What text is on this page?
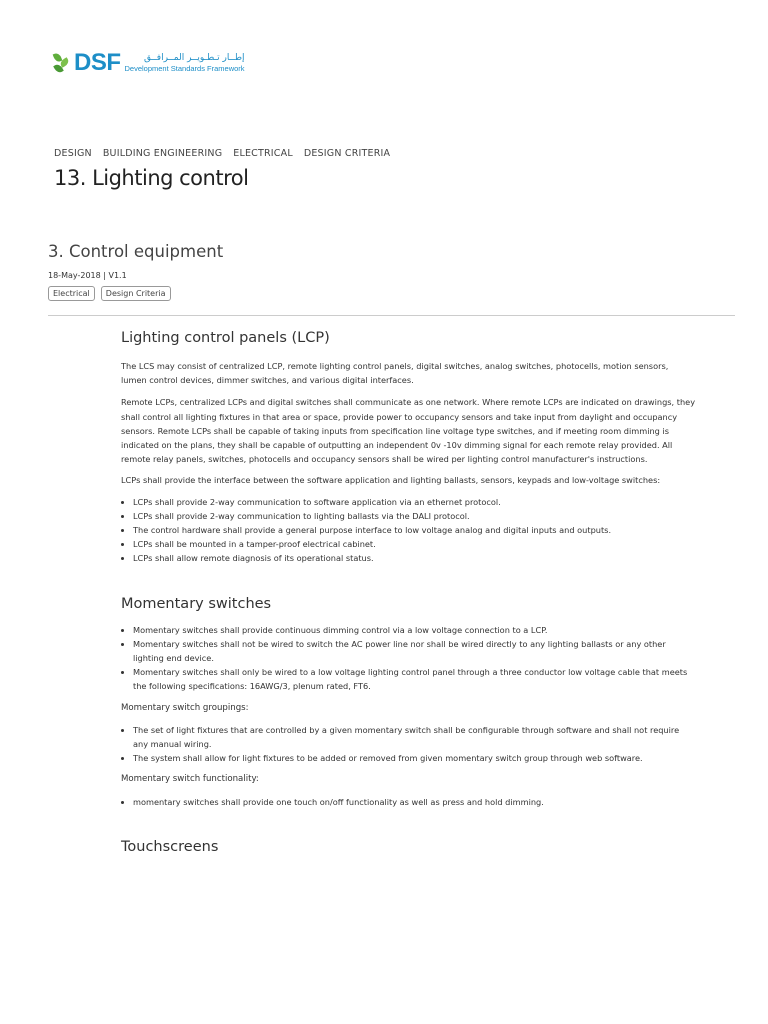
DSF	إطــار تـطـويــر المــرافــق
Development Standards Framework
DESIGN BUILDING ENGINEERING ELECTRICAL DESIGN CRITERIA
13. Lighting control
3. Control equipment
18-May-2018 | V1.1
Electrical	Design Criteria
Lighting control panels (LCP)

The LCS may consist of centralized LCP, remote lighting control panels, digital switches, analog switches, photocells, motion sensors, lumen control devices, dimmer switches, and various digital interfaces.

Remote LCPs, centralized LCPs and digital switches shall communicate as one network. Where remote LCPs are indicated on drawings, they shall control all lighting fixtures in that area or space, provide power to occupancy sensors and take input from daylight and occupancy sensors. Remote LCPs shall be capable of taking inputs from specification line voltage type switches, and if meeting room dimming is indicated on the plans, they shall be capable of outputting an independent 0v -10v dimming signal for each remote relay provided. All remote relay panels, switches, photocells and occupancy sensors shall be wired per lighting control manufacturer's instructions.

LCPs shall provide the interface between the software application and lighting ballasts, sensors, keypads and low-voltage switches:

• LCPs shall provide 2-way communication to software application via an ethernet protocol.
• LCPs shall provide 2-way communication to lighting ballasts via the DALI protocol.
• The control hardware shall provide a general purpose interface to low voltage analog and digital inputs and outputs.
• LCPs shall be mounted in a tamper-proof electrical cabinet.
• LCPs shall allow remote diagnosis of its operational status.
Momentary switches
• Momentary switches shall provide continuous dimming control via a low voltage connection to a LCP.
• Momentary switches shall not be wired to switch the AC power line nor shall be wired directly to any lighting ballasts or any other lighting end device.
• Momentary switches shall only be wired to a low voltage lighting control panel through a three conductor low voltage cable that meets the following specifications: 16AWG/3, plenum rated, FT6.

Momentary switch groupings:

• The set of light fixtures that are controlled by a given momentary switch shall be configurable through software and shall not require any manual wiring.
• The system shall allow for light fixtures to be added or removed from given momentary switch group through web software.

Momentary switch functionality:

• momentary switches shall provide one touch on/off functionality as well as press and hold dimming.
Touchscreens
